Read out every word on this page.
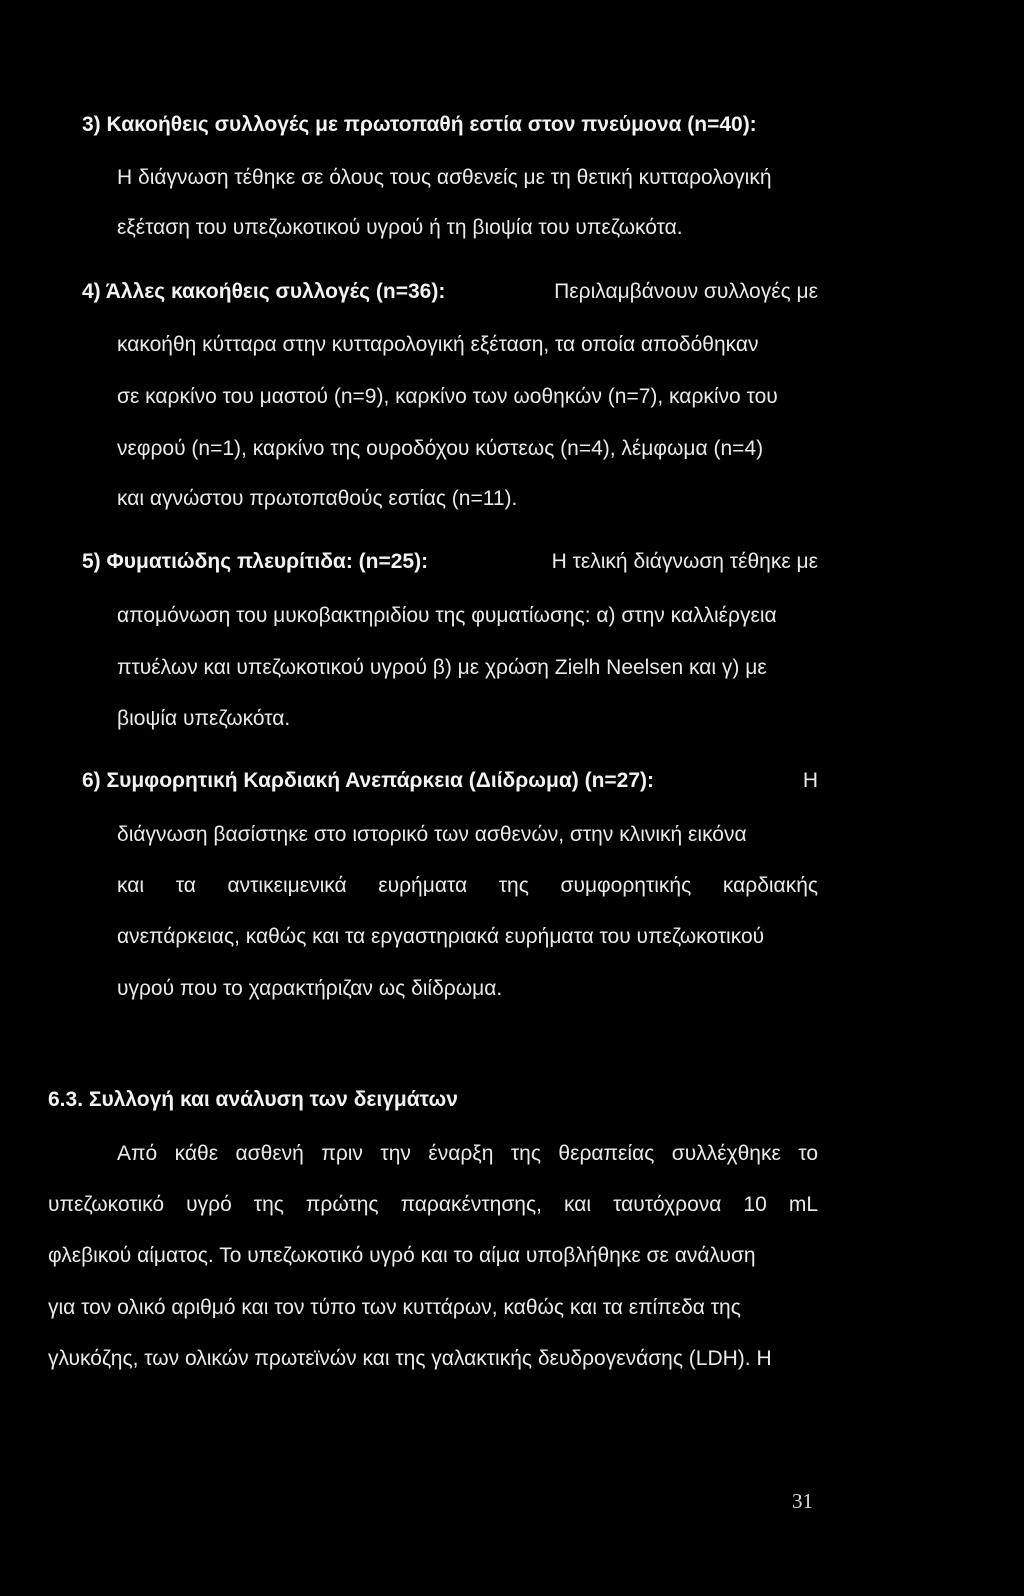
3) Κακοήθεις συλλογές με πρωτοπαθή εστία στον πνεύμονα (n=40):
Η διάγνωση τέθηκε σε όλους τους ασθενείς με τη θετική κυτταρολογική
εξέταση του υπεζωκοτικού υγρού ή τη βιοψία του υπεζωκότα.
4) Άλλες κακοήθεις συλλογές (n=36):	Περιλαμβάνουν συλλογές με
κακοήθη κύτταρα στην κυτταρολογική εξέταση, τα οποία αποδόθηκαν
σε καρκίνο του μαστού (n=9), καρκίνο των ωοθηκών (n=7), καρκίνο του
νεφρού (n=1), καρκίνο της ουροδόχου κύστεως (n=4), λέμφωμα (n=4)
και αγνώστου πρωτοπαθούς εστίας (n=11).
5) Φυματιώδης πλευρίτιδα: (n=25):	Η τελική διάγνωση τέθηκε με
απομόνωση του μυκοβακτηριδίου της φυματίωσης: α) στην καλλιέργεια
πτυέλων και υπεζωκοτικού υγρού β) με χρώση Zielh Neelsen και γ) με
βιοψία υπεζωκότα.
6) Συμφορητική Καρδιακή Ανεπάρκεια (Διίδρωμα) (n=27):	Η
διάγνωση βασίστηκε στο ιστορικό των ασθενών, στην κλινική εικόνα
και τα αντικειμενικά ευρήματα της συμφορητικής καρδιακής
ανεπάρκειας, καθώς και τα εργαστηριακά ευρήματα του υπεζωκοτικού
υγρού που το χαρακτήριζαν ως διίδρωμα.
6.3. Συλλογή και ανάλυση των δειγμάτων
Από κάθε ασθενή πριν την έναρξη της θεραπείας συλλέχθηκε το
υπεζωκοτικό υγρό της πρώτης παρακέντησης, και ταυτόχρονα 10 mL
φλεβικού αίματος. Το υπεζωκοτικό υγρό και το αίμα υποβλήθηκε σε ανάλυση
για τον ολικό αριθμό και τον τύπο των κυττάρων, καθώς και τα επίπεδα της
γλυκόζης, των ολικών πρωτεϊνών και της γαλακτικής δευδρογενάσης (LDH). Η
31
